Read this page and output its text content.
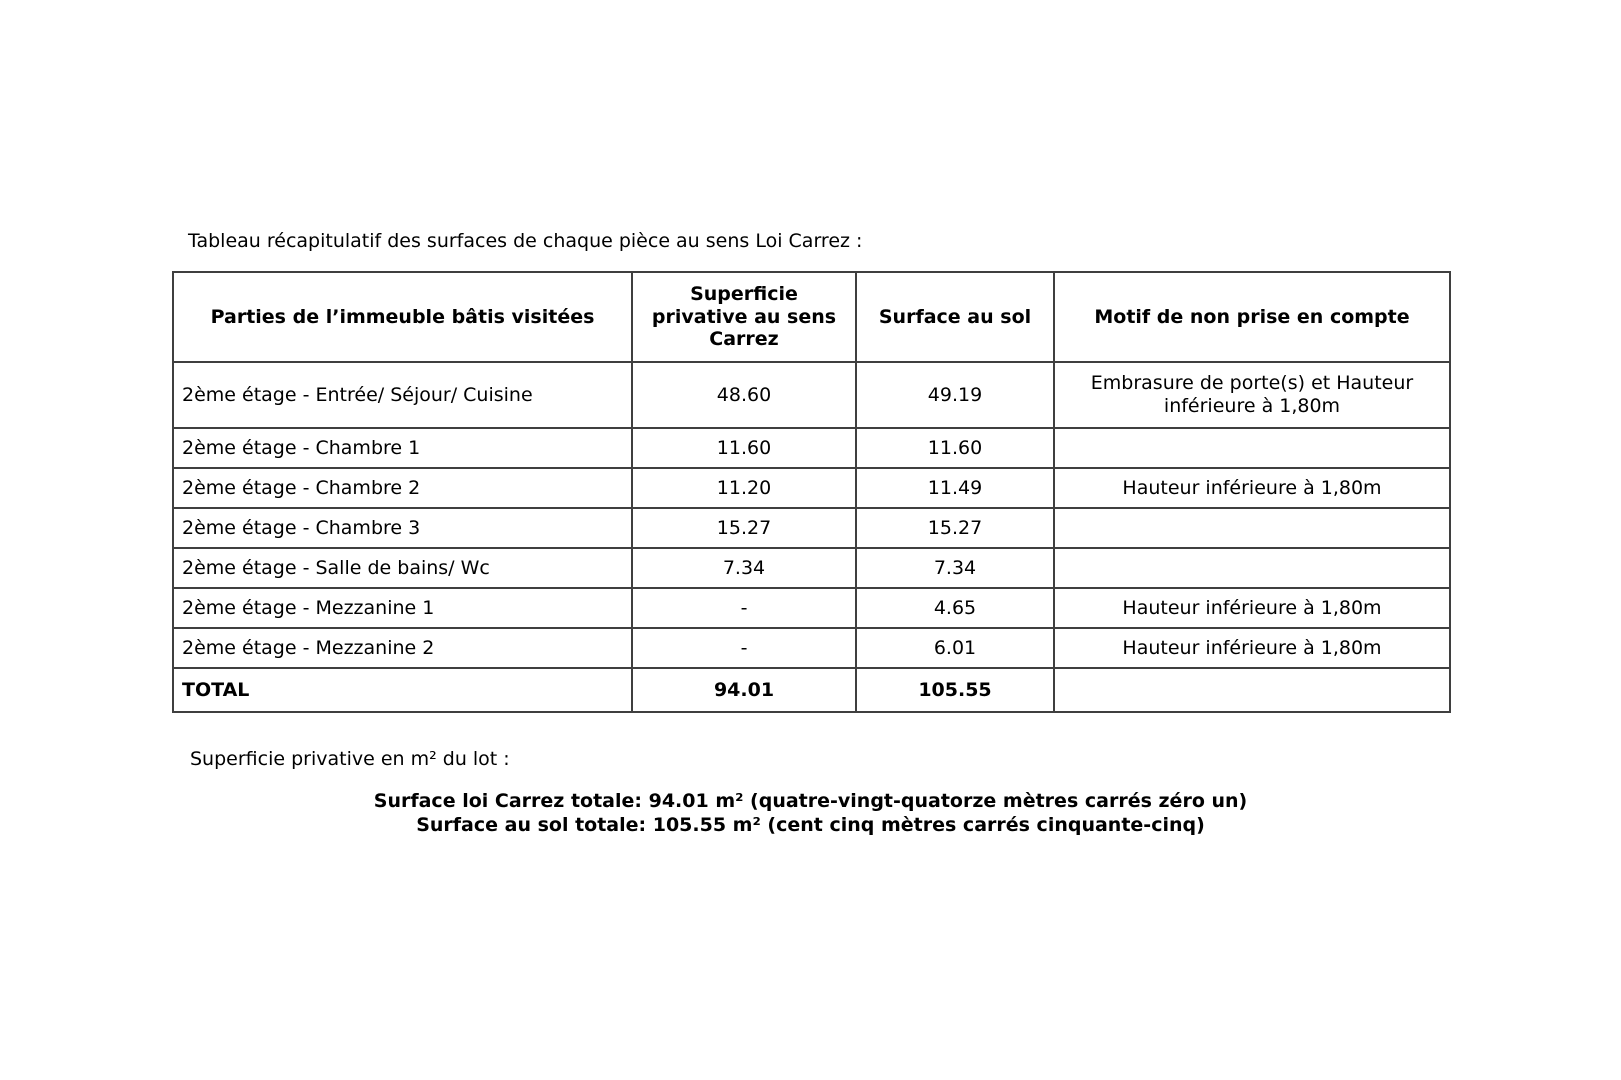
Tableau récapitulatif des surfaces de chaque pièce au sens Loi Carrez :
Parties de l’immeuble bâtis visitées	Superficie privative au sens Carrez	Surface au sol	Motif de non prise en compte
2ème étage - Entrée/ Séjour/ Cuisine	48.60	49.19	Embrasure de porte(s) et Hauteur inférieure à 1,80m
2ème étage - Chambre 1	11.60	11.60	
2ème étage - Chambre 2	11.20	11.49	Hauteur inférieure à 1,80m
2ème étage - Chambre 3	15.27	15.27	
2ème étage - Salle de bains/ Wc	7.34	7.34	
2ème étage - Mezzanine 1	-	4.65	Hauteur inférieure à 1,80m
2ème étage - Mezzanine 2	-	6.01	Hauteur inférieure à 1,80m
TOTAL	94.01	105.55	
Superficie privative en m² du lot :
Surface loi Carrez totale: 94.01 m² (quatre-vingt-quatorze mètres carrés zéro un)
Surface au sol totale: 105.55 m² (cent cinq mètres carrés cinquante-cinq)
